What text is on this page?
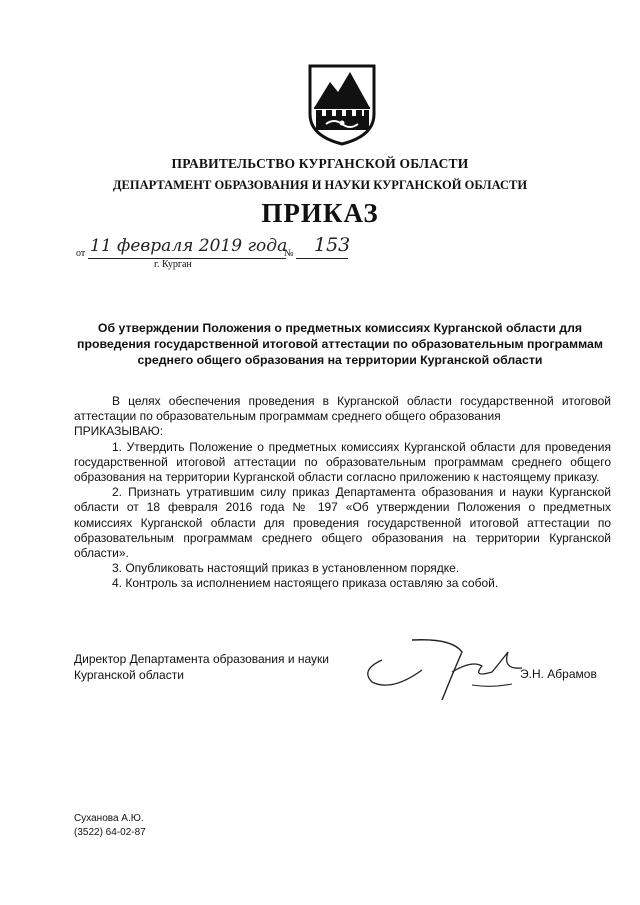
ПРАВИТЕЛЬСТВО КУРГАНСКОЙ ОБЛАСТИ
ДЕПАРТАМЕНТ ОБРАЗОВАНИЯ И НАУКИ КУРГАНСКОЙ ОБЛАСТИ
ПРИКАЗ
от 11 февраля 2019 года
№ 153
г. Курган
Об утверждении Положения о предметных комиссиях Курганской области для проведения государственной итоговой аттестации по образовательным программам среднего общего образования на территории Курганской области

В целях обеспечения проведения в Курганской области государственной итоговой аттестации по образовательным программам среднего общего образования

ПРИКАЗЫВАЮ:

1. Утвердить Положение о предметных комиссиях Курганской области для проведения государственной итоговой аттестации по образовательным программам среднего общего образования на территории Курганской области согласно приложению к настоящему приказу.

2. Признать утратившим силу приказ Департамента образования и науки Курганской области от 18 февраля 2016 года № 197 «Об утверждении Положения о предметных комиссиях Курганской области для проведения государственной итоговой аттестации по образовательным программам среднего общего образования на территории Курганской области».

3. Опубликовать настоящий приказ в установленном порядке.

4. Контроль за исполнением настоящего приказа оставляю за собой.

Директор Департамента образования и науки
Курганской области	Э.Н. Абрамов
Суханова А.Ю.
(3522) 64-02-87
